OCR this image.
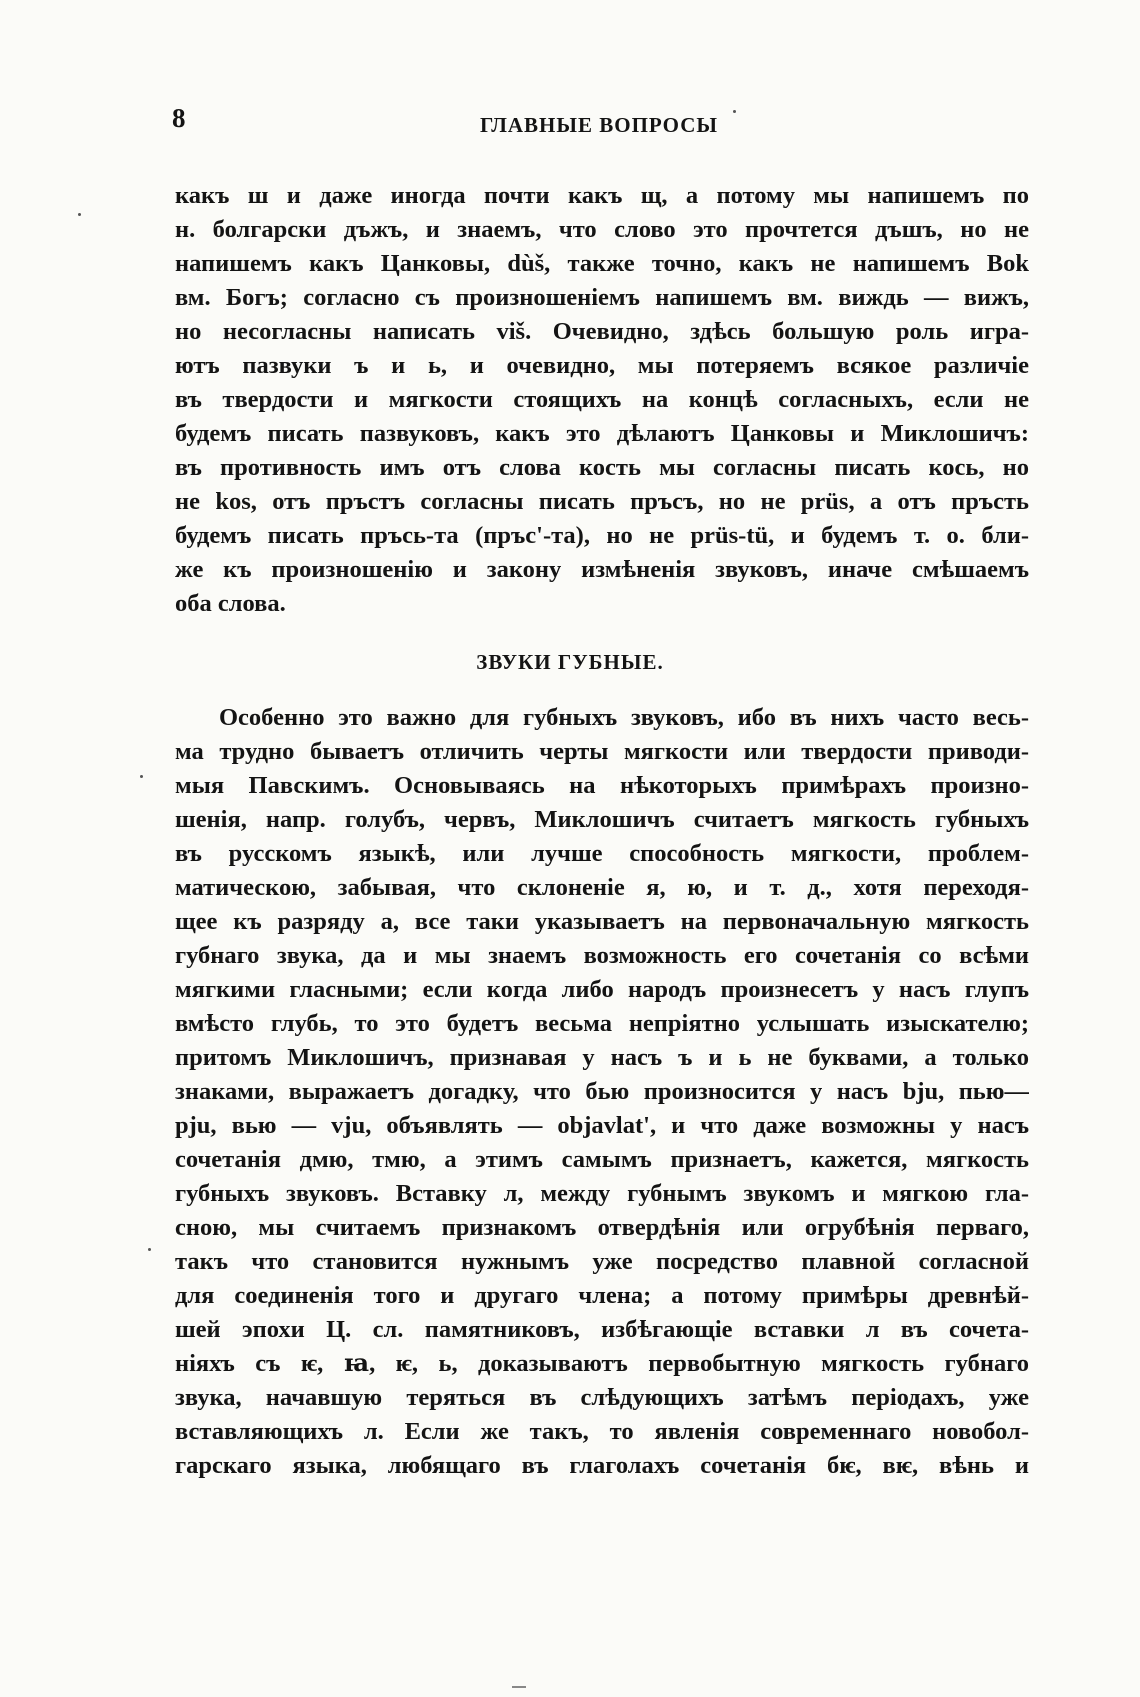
8	ГЛАВНЫЕ ВОПРОСЫ

какъ ш и даже иногда почти какъ щ, а потому мы напишемъ по
н. болгарски дъжъ, и знаемъ, что слово это прочтется дъшъ, но не
напишемъ какъ Цанковы, dùš, также точно, какъ не напишемъ Bok
вм. Богъ; согласно съ произношеніемъ напишемъ вм. виждь — вижъ,
но несогласны написать viš. Очевидно, здѣсь большую роль игра-
ютъ пазвуки ъ и ь, и очевидно, мы потеряемъ всякое различіе
въ твердости и мягкости стоящихъ на концѣ согласныхъ, если не
будемъ писать пазвуковъ, какъ это дѣлаютъ Цанковы и Миклошичъ:
въ противность имъ отъ слова кость мы согласны писать кось, но
не kos, отъ пръстъ согласны писать пръсъ, но не prüs, а отъ пръсть
будемъ писать пръсь-та (пръс'-та), но не prüs-tü, и будемъ т. о. бли-
же къ произношенію и закону измѣненія звуковъ, иначе смѣшаемъ
оба слова.
ЗВУКИ ГУБНЫЕ.
Особенно это важно для губныхъ звуковъ, ибо въ нихъ часто весь-
ма трудно бываетъ отличить черты мягкости или твердости приводи-
мыя Павскимъ. Основываясь на нѣкоторыхъ примѣрахъ произно-
шенія, напр. голубъ, червъ, Миклошичъ считаетъ мягкость губныхъ
въ русскомъ языкѣ, или лучше способность мягкости, проблем-
матическою, забывая, что склоненіе я, ю, и т. д., хотя переходя-
щее къ разряду а, все таки указываетъ на первоначальную мягкость
губнаго звука, да и мы знаемъ возможность его сочетанія со всѣми
мягкими гласными; если когда либо народъ произнесетъ у насъ глупъ
вмѣсто глубь, то это будетъ весьма непріятно услышать изыскателю;
притомъ Миклошичъ, признавая у насъ ъ и ь не буквами, а только
знаками, выражаетъ догадку, что бью произносится у насъ bju, пью—
pju, вью — vju, объявлять — objavlat', и что даже возможны у насъ
сочетанія дмю, тмю, а этимъ самымъ признаетъ, кажется, мягкость
губныхъ звуковъ. Вставку л, между губнымъ звукомъ и мягкою гла-
сною, мы считаемъ признакомъ отвердѣнія или огрубѣнія перваго,
такъ что становится нужнымъ уже посредство плавной согласной
для соединенія того и другаго члена; а потому примѣры древнѣй-
шей эпохи Ц. сл. памятниковъ, избѣгающіе вставки л въ сочета-
ніяхъ съ ѥ, ꙗ, ѥ, ь, доказываютъ первобытную мягкость губнаго
звука, начавшую теряться въ слѣдующихъ затѣмъ періодахъ, уже
вставляющихъ л. Если же такъ, то явленія современнаго новобол-
гарскаго языка, любящаго въ глаголахъ сочетанія бѥ, вѥ, вѣнь и
